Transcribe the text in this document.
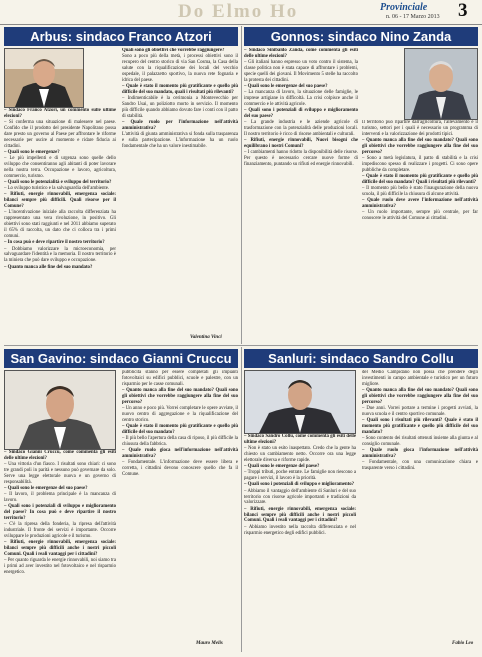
Do Elmo Ho	Provinciale
n. 06 - 17 Marzo 2013 3
Arbus: sindaco Franco Atzori

– Sindaco Franco Atzori, un commento sulle ultime elezioni?

– Si conferma una situazione di malessere nel paese. Confido che il prodotto del presidente Napolitano possa dare presto un governo al Paese per affrontare le riforme necessarie per uscire al momento e ridare fiducia ai cittadini.

– Quali sono le emergenze?

– Le più impellenti e di urgenza sono quelle dello sviluppo che consentiranno agli abitanti di poter lavorare nella nostra terra. Occupazione e lavoro, agricoltura, commercio, turismo.

– Quali sono le potenzialità e sviluppo del territorio?

– Lo sviluppo turistico e la salvaguardia dell'ambiente.

– Rifiuti, energie rinnovabili, emergenza sociale: bilanci sempre più difficili. Quali risorse per il Comune?

– L'incentivazione iniziale alla raccolta differenziata ha rappresentato una vera rivoluzione, in positivo. Gli obiettivi sono stati raggiunti e nel 2011 abbiamo superato il 65% di raccolta, un dato che ci colloca tra i primi comuni.

– In cosa può e deve ripartire il nostro territorio?

– Dobbiamo valorizzare la microeconomia, per salvaguardare l'identità e la memoria. Il nostro territorio è la miniera che può dare sviluppo e occupazione.

– Quanto manca alle fine del suo mandato?

Quali sono gli obiettivi che vorrebbe raggiungere?

Sono a poco più della metà, i processi obiettivi sono il recupero del centro storico di via San Cosma, la Casa della salute con la riqualificazione dei locali del vecchio ospedale, il palazzetto sportivo, la nuova rete fognaria e idrica del paese.

– Quale è stato il momento più gratificante e quello più difficile del suo mandato, quali i risultati più rilevanti?

– Indimenticabile è la cerimonia a Montevecchio per Sandro Usai, un poliziotto morto in servizio. Il momento più difficile quando abbiamo dovuto fare i conti con il patto di stabilità.

– Quale ruolo per l'informazione nell'attività amministrativa?

L'attività di giunta amministrativa si fonda sulla trasparenza e sulla partecipazione. L'informazione ha un ruolo fondamentale che ha un valore inestimabile.

Valentina Vinci
Gonnos: sindaco Nino Zanda

– Sindaco Sinibaldo Zanda, come commenta gli esiti delle ultime elezioni?

– Gli italiani hanno espresso un voto contro il sistema, la classe politica non è stata capace di affrontare i problemi, specie quelli dei giovani. Il Movimento 5 stelle ha raccolto la protesta dei cittadini.

– Quali sono le emergenze del suo paese?

– La mancanza di lavoro, la situazione delle famiglie, le imprese artigiane in difficoltà. La crisi colpisce anche il commercio e le attività agricole.

– Quali sono i potenziali di sviluppo e miglioramento del suo paese?

– La grande industria e le aziende agricole di trasformazione con la potenzialità delle produzioni locali. Il nostro territorio è ricco di risorse ambientali e culturali.

– Rifiuti, energie rinnovabili, Nuovi bisogni che equilibrano i nostri Comuni?

– I cambiamenti hanno ridotto la disponibilità delle risorse. Per questo è necessario cercare nuove forme di finanziamento, puntando su rifiuti ed energie rinnovabili.

Il territorio può ripartire dall'agricoltura, l'allevamento e il turismo, settori per i quali è necessario un programma di interventi e la valorizzazione dei prodotti tipici.

– Quanto manca alla fine del suo mandato? Quali sono gli obiettivi che vorrebbe raggiungere alla fine del suo percorso?

– Sono a metà legislatura, il patto di stabilità e la crisi impediscono spesso di realizzare i progetti. Ci sono opere pubbliche da completare.

– Quale è stato il momento più gratificante e quello più difficile del suo mandato? Quali i risultati più rilevanti?

– Il momento più bello è stato l'inaugurazione della nuova scuola, il più difficile la chiusura di alcune attività.

– Quale ruolo deve avere l'informazione nell'attività amministrativa?

– Un ruolo importante, sempre più centrale, per far conoscere le attività del Comune ai cittadini.

San Gavino: sindaco Gianni Cruccu

– Sindaco Gianni Cruccu, come commenta gli esiti delle ultime elezioni?

– Una vittoria d'un fiasco. I risultati sono chiari: ci sono tre grandi poli in parità e nessuno può governare da solo. Serve una legge elettorale nuova e un governo di responsabilità.

– Quali sono le emergenze del suo paese?

– Il lavoro, il problema principale è la mancanza di lavoro.

– Quali sono i potenziali di sviluppo e miglioramento del paese? In cosa può e deve ripartire il nostro territorio?

– C'è la ripresa della fonderia, la ripresa dell'attività industriale. Il fronte dei servizi è importante. Occorre sviluppare le produzioni agricole e il turismo.

– Rifiuti, energie rinnovabili, emergenza sociale: bilanci sempre più difficili anche i nostri piccoli Comuni. Quali i reali vantaggi per i cittadini?

– Per quanto riguarda le energie rinnovabili, noi siamo tra i primi ad aver investito nel fotovoltaico e nel risparmio energetico.

pubblicità stanno per essere completati gli impianti fotovoltaici su edifici pubblici, scuole e palestre, con un risparmio per le casse comunali.

– Quanto manca alla fine del suo mandato? Quali sono gli obiettivi che vorrebbe raggiungere alla fine del suo percorso?

– Un anno e poco più. Vorrei completare le opere avviate, il nuovo centro di aggregazione e la riqualificazione del centro storico.

– Quale è stato il momento più gratificante e quello più difficile del suo mandato?

– Il più bello l'apertura della casa di riposo, il più difficile la chiusura della fabbrica.

– Quale ruolo gioca nell'informazione nell'attività amministrativa?

– Fondamentale. L'informazione deve essere libera e corretta, i cittadini devono conoscere quello che fa il Comune.

Mauro Melis
Sanluri: sindaco Sandro Collu

– Sindaco Sandro Collu, come commenta gli esiti delle ultime elezioni?

– Non è stato un esito inaspettato. Credo che la gente ha chiesto un cambiamento netto. Occorre ora una legge elettorale diversa e riforme rapide.

– Quali sono le emergenze del paese?

– Troppi tributi, poche entrate. Le famiglie non riescono a pagare i servizi, il lavoro è la priorità.

– Quali sono i potenziali di sviluppo e miglioramento?

– Abbiamo il vantaggio dell'ambiente di Sanluri e del suo territorio con risorse agricole importanti e tradizioni da valorizzare.

– Rifiuti, energie rinnovabili, emergenza sociale: bilanci sempre più difficili anche i nostri piccoli Comuni. Quali i reali vantaggi per i cittadini?

– Abbiamo investito nella raccolta differenziata e nel risparmio energetico degli edifici pubblici.

del Medio Campidano non possa che prendere degli investimenti in campo ambientale e turistico per un futuro migliore.

– Quanto manca alla fine del suo mandato? Quali sono gli obiettivi che vorrebbe raggiungere alla fine del suo percorso?

– Due anni. Vorrei portare a termine i progetti avviati, la nuova scuola e il centro sportivo comunale.

– Quali sono i risultati più rilevanti? Quale è stato il momento più gratificante e quello più difficile del suo mandato?

– Sono contento dei risultati ottenuti insieme alla giunta e al consiglio comunale.

– Quale ruolo gioca l'informazione nell'attività amministrativa?

– Fondamentale, con una comunicazione chiara e trasparente verso i cittadini.

Fabio Leo
